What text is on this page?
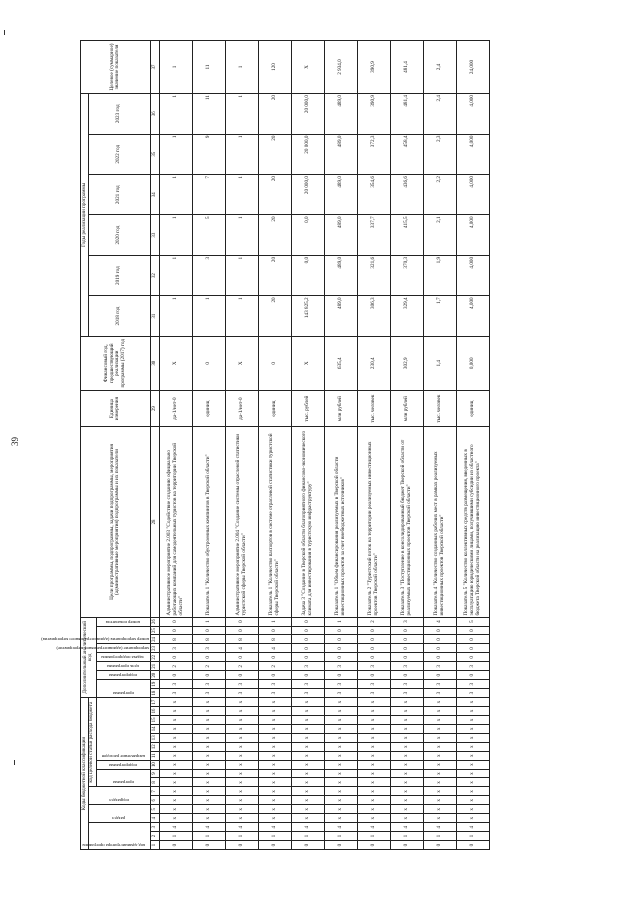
39
Коды бюджетной классификации																	Дополнительный аналитический код									Цели программы, подпрограммы, задачи подпрограммы, мероприятия (административные мероприятия) подпрограммы и их показатели	Единица измерения	Финансовый год, предшествующий реализации программы (2017) год	Годы реализации программы						Целевое (суммарное) значение показателя

код администратора программы			раздел		подраздел		код целевой статьи расхода бюджета																						2018 год	2019 год	2020 год	2021 год	2022 год	2023 год	

							программа		подпрограмма	направление расходов							программа		подпрограмма	цель программы	задача подпрограммы	мероприятие (административное мероприятие)	номер мероприятия (административного мероприятия)		номер показателя										

1	2	3	4	5	6	7	8	9	10	11	12	13	14	15	16	17	18	19	20	21	22	23	24	25	26	28	29	30	31	32	33	34	35	36	37
0	1	4	x	x	x	x	x	x	x	x	x	x	x	x	x	x	3	3	0	2	0	3	8	0	0	Административное мероприятие 2.003 "Содействие созданию официально работающих компаний для самодеятельных туристов на территории Тверской области"	да-1/нет-0	X	1	1	1	1	1	1	1
0	1	4	x	x	x	x	x	x	x	x	x	x	x	x	x	x	3	3	0	2	0	3	8	0	1	Показатель 1 "Количество обустроенных кемпингов в Тверской области"	единиц	0	1	3	5	7	9	11	11
0	1	4	x	x	x	x	x	x	x	x	x	x	x	x	x	x	3	3	0	2	0	4	8	0	0	Административное мероприятие 2.004 "Создание системы отраслевой статистики туристской сферы Тверской области"	да-1/нет-0	X	1	1	1	1	1	1	1
0	1	4	x	x	x	x	x	x	x	x	x	x	x	x	x	x	3	3	0	2	0	4	8	0	1	Показатель 1 "Количество паспортов в системе отраслевой статистики туристской сферы Тверской области"	единиц	0	20	20	20	20	20	20	120
0	1	4	x	x	x	x	x	x	x	x	x	x	x	x	x	x	3	3	0	3	0	0	0	0	0	Задача 3 "Создание в Тверской области благоприятного финансово-экономического климата для инвестирования в туристскую инфраструктуру"	тыс. рублей	X	143 825,2	0,0	0,0	20 000,0	20 000,0	20 000,0	X
0	1	4	x	x	x	x	x	x	x	x	x	x	x	x	x	x	3	3	0	3	0	0	0	0	1	Показатель 1 "Объем финансирования реализуемых в Тверской области инвестиционных проектов за счет внебюджетных источников"	млн рублей	635,4	489,0	489,0	489,0	489,0	489,0	489,0	2 934,0
0	1	4	x	x	x	x	x	x	x	x	x	x	x	x	x	x	3	3	0	3	0	0	0	0	2	Показатель 2 "Туристский поток на территории реализуемых инвестиционных проектов Тверской области"	тыс. человек	230,4	306,3	321,6	337,7	354,6	372,3	390,9	390,9
0	1	4	x	x	x	x	x	x	x	x	x	x	x	x	x	x	3	3	0	3	0	0	0	0	3	Показатель 3 "Поступление в консолидированный бюджет Тверской области от реализуемых инвестиционных проектов Тверской области"	млн рублей	302,9	329,4	370,3	415,5	436,6	458,4	481,4	481,4
0	1	4	x	x	x	x	x	x	x	x	x	x	x	x	x	x	3	3	0	3	0	0	0	0	4	Показатель 4 "Количество созданных рабочих мест в рамках реализуемых инвестиционных проектов Тверской области"	тыс. человек	1,4	1,7	1,9	2,1	2,2	2,3	2,4	2,4
0	1	4	x	x	x	x	x	x	x	x	x	x	x	x	x	x	3	3	0	3	0	0	0	0	5	Показатель 5 "Количество коллективных средств размещения, введенных в эксплуатацию юридическими лицами, получившими субсидии из областного бюджета Тверской области на реализацию инвестиционного проекта"	единиц	0,000	4,000	4,000	4,000	4,000	4,000	4,000	24,000
